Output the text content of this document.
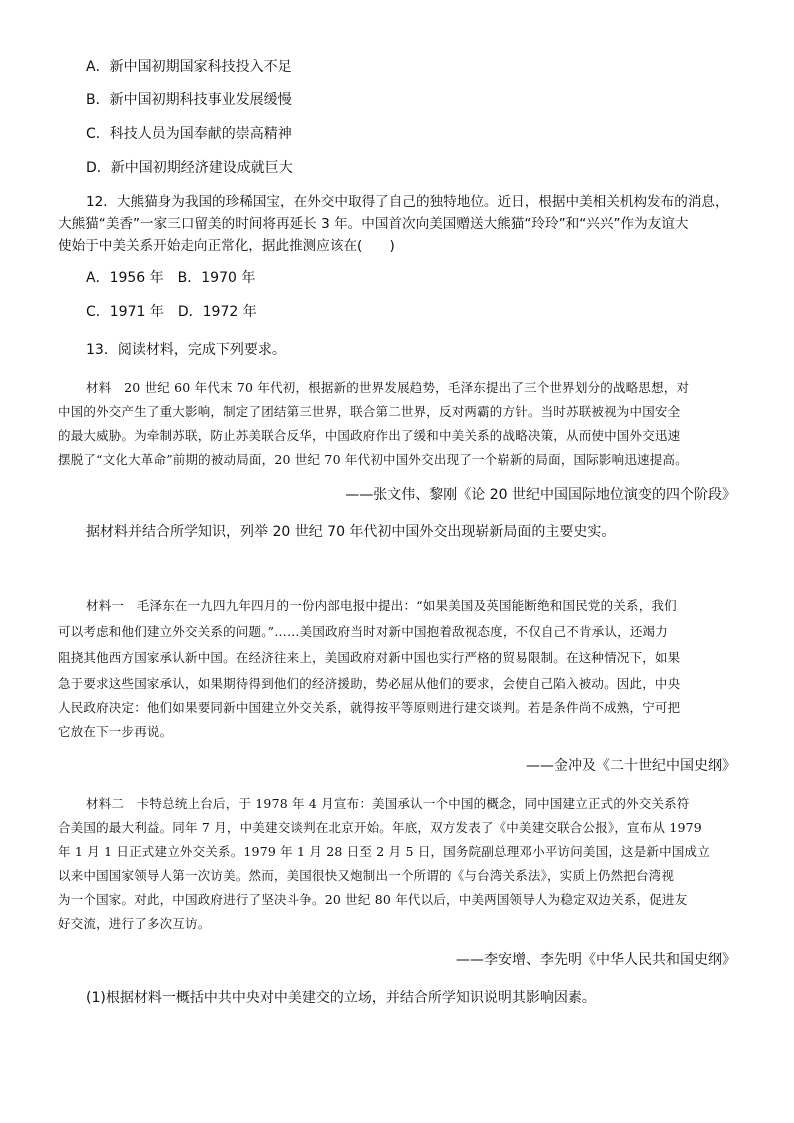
A．新中国初期国家科技投入不足
B．新中国初期科技事业发展缓慢
C．科技人员为国奉献的崇高精神
D．新中国初期经济建设成就巨大
12．大熊猫身为我国的珍稀国宝，在外交中取得了自己的独特地位。近日，根据中美相关机构发布的消息，
大熊猫“美香”一家三口留美的时间将再延长 3 年。中国首次向美国赠送大熊猫“玲玲”和“兴兴”作为友谊大
使始于中美关系开始走向正常化，据此推测应该在(　　)
A．1956 年　B．1970 年
C．1971 年　D．1972 年
13．阅读材料，完成下列要求。
材料　20 世纪 60 年代末 70 年代初，根据新的世界发展趋势，毛泽东提出了三个世界划分的战略思想，对
中国的外交产生了重大影响，制定了团结第三世界，联合第二世界，反对两霸的方针。当时苏联被视为中国安全
的最大威胁。为牵制苏联，防止苏美联合反华，中国政府作出了缓和中美关系的战略决策，从而使中国外交迅速
摆脱了“文化大革命”前期的被动局面，20 世纪 70 年代初中国外交出现了一个崭新的局面，国际影响迅速提高。
——张文伟、黎刚《论 20 世纪中国国际地位演变的四个阶段》
据材料并结合所学知识，列举 20 世纪 70 年代初中国外交出现崭新局面的主要史实。
材料一　毛泽东在一九四九年四月的一份内部电报中提出：“如果美国及英国能断绝和国民党的关系，我们
可以考虑和他们建立外交关系的问题。”……美国政府当时对新中国抱着敌视态度，不仅自己不肯承认，还竭力
阻挠其他西方国家承认新中国。在经济往来上，美国政府对新中国也实行严格的贸易限制。在这种情况下，如果
急于要求这些国家承认，如果期待得到他们的经济援助，势必屈从他们的要求，会使自己陷入被动。因此，中央
人民政府决定：他们如果要同新中国建立外交关系，就得按平等原则进行建交谈判。若是条件尚不成熟，宁可把
它放在下一步再说。
——金冲及《二十世纪中国史纲》
材料二　卡特总统上台后，于 1978 年 4 月宣布：美国承认一个中国的概念，同中国建立正式的外交关系符
合美国的最大利益。同年 7 月，中美建交谈判在北京开始。年底，双方发表了《中美建交联合公报》，宣布从 1979
年 1 月 1 日正式建立外交关系。1979 年 1 月 28 日至 2 月 5 日，国务院副总理邓小平访问美国，这是新中国成立
以来中国国家领导人第一次访美。然而，美国很快又炮制出一个所谓的《与台湾关系法》，实质上仍然把台湾视
为一个国家。对此，中国政府进行了坚决斗争。20 世纪 80 年代以后，中美两国领导人为稳定双边关系，促进友
好交流，进行了多次互访。
——李安增、李先明《中华人民共和国史纲》
(1)根据材料一概括中共中央对中美建交的立场，并结合所学知识说明其影响因素。
